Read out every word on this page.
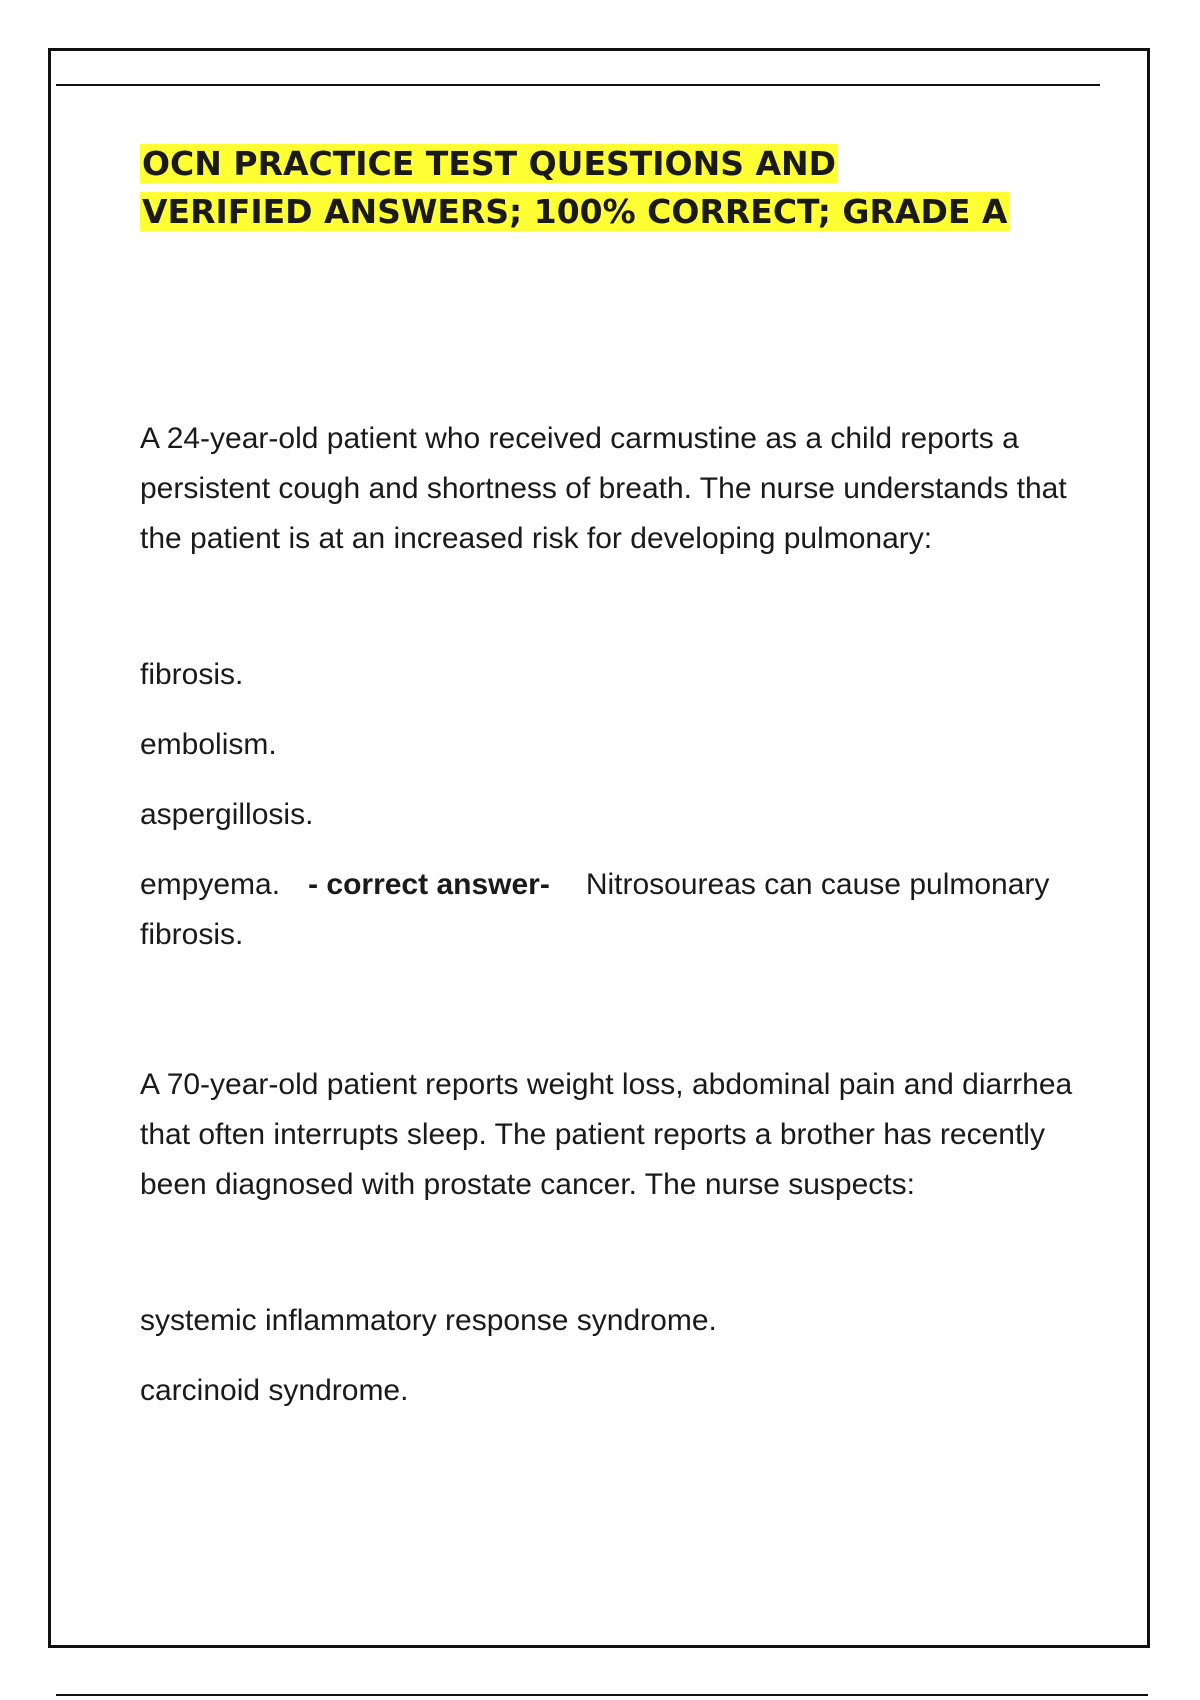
OCN PRACTICE TEST QUESTIONS AND
VERIFIED ANSWERS; 100% CORRECT; GRADE A

A 24-year-old patient who received carmustine as a child reports a persistent cough and shortness of breath. The nurse understands that the patient is at an increased risk for developing pulmonary:

fibrosis.

embolism.

aspergillosis.

empyema. - correct answer- Nitrosoureas can cause pulmonary fibrosis.

A 70-year-old patient reports weight loss, abdominal pain and diarrhea that often interrupts sleep. The patient reports a brother has recently been diagnosed with prostate cancer. The nurse suspects:

systemic inflammatory response syndrome.

carcinoid syndrome.
